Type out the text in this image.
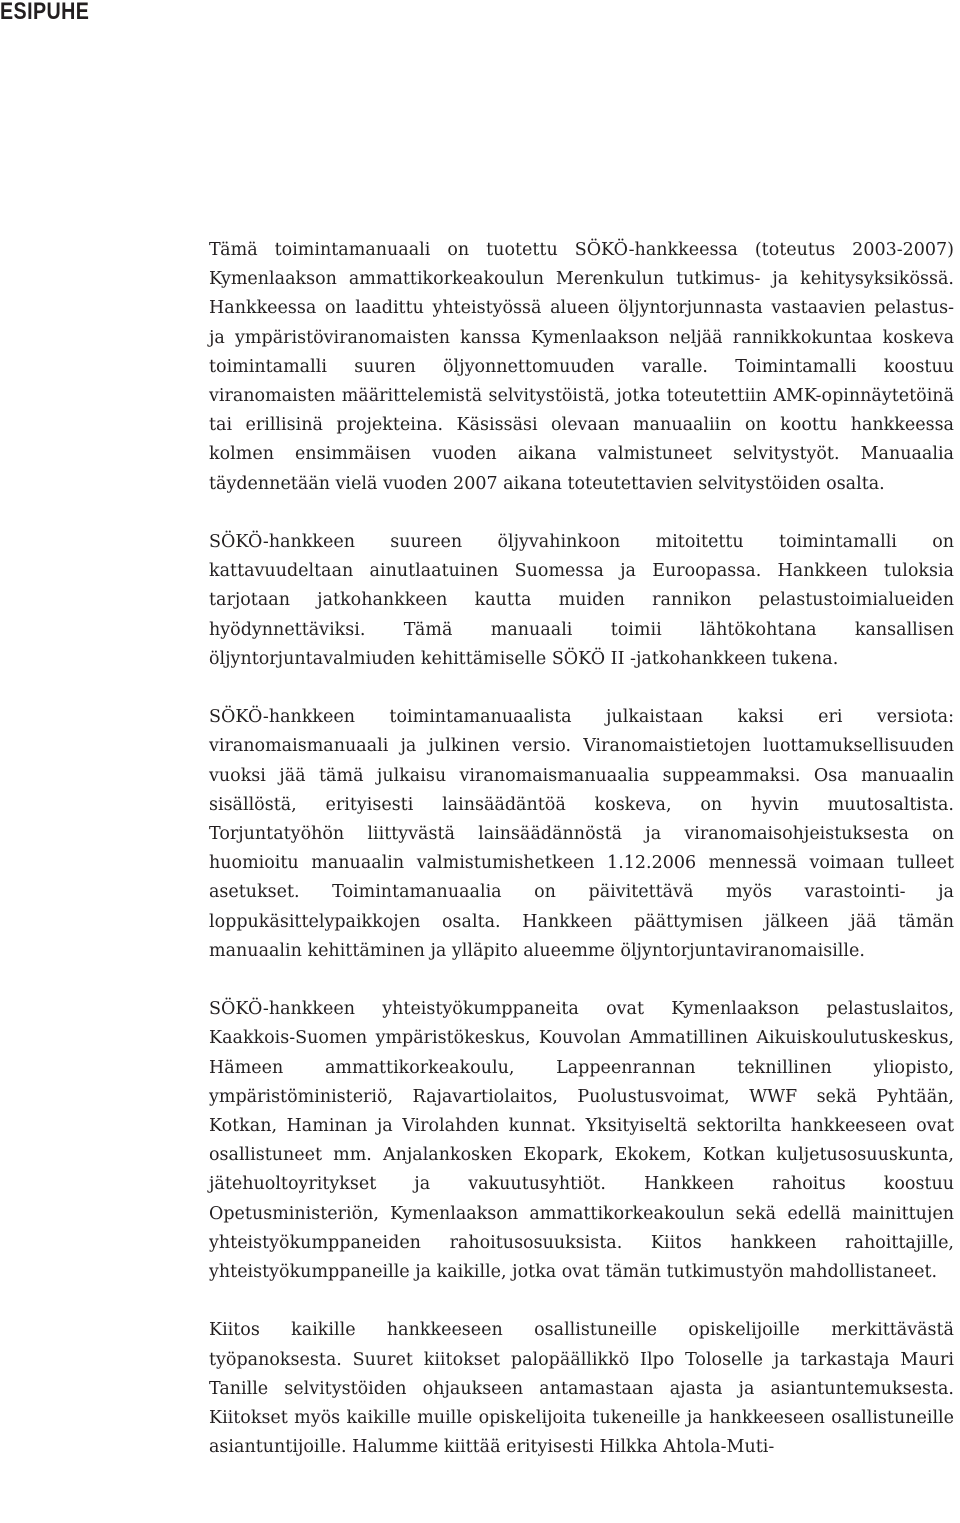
ESIPUHE

Tämä toimintamanuaali on tuotettu SÖKÖ-hankkeessa (toteutus 2003-2007) Kymenlaakson ammattikorkeakoulun Merenkulun tutkimus- ja kehitysyksikössä. Hankkeessa on laadittu yhteistyössä alueen öljyntorjunnasta vastaavien pelastus- ja ympäristöviranomaisten kanssa Kymenlaakson neljää rannikkokuntaa koskeva toimintamalli suuren öljyonnettomuuden varalle. Toimintamalli koostuu viranomaisten määrittelemistä selvitystöistä, jotka toteutettiin AMK-opinnäytetöinä tai erillisinä projekteina. Käsissäsi olevaan manuaaliin on koottu hankkeessa kolmen ensimmäisen vuoden aikana valmistuneet selvitystyöt. Manuaalia täydennetään vielä vuoden 2007 aikana toteutettavien selvitystöiden osalta.

SÖKÖ-hankkeen suureen öljyvahinkoon mitoitettu toimintamalli on kattavuudeltaan ainutlaatuinen Suomessa ja Euroopassa. Hankkeen tuloksia tarjotaan jatkohankkeen kautta muiden rannikon pelastustoimialueiden hyödynnettäviksi. Tämä manuaali toimii lähtökohtana kansallisen öljyntorjuntavalmiuden kehittämiselle SÖKÖ II -jatkohankkeen tukena.

SÖKÖ-hankkeen toimintamanuaalista julkaistaan kaksi eri versiota: viranomaismanuaali ja julkinen versio. Viranomaistietojen luottamuksellisuuden vuoksi jää tämä julkaisu viranomaismanuaalia suppeammaksi. Osa manuaalin sisällöstä, erityisesti lainsäädäntöä koskeva, on hyvin muutosaltista. Torjuntatyöhön liittyvästä lainsäädännöstä ja viranomaisohjeistuksesta on huomioitu manuaalin valmistumishetkeen 1.12.2006 mennessä voimaan tulleet asetukset. Toimintamanuaalia on päivitettävä myös varastointi- ja loppukäsittelypaikkojen osalta. Hankkeen päättymisen jälkeen jää tämän manuaalin kehittäminen ja ylläpito alueemme öljyntorjuntaviranomaisille.

SÖKÖ-hankkeen yhteistyökumppaneita ovat Kymenlaakson pelastuslaitos, Kaakkois-Suomen ympäristökeskus, Kouvolan Ammatillinen Aikuiskoulutuskeskus, Hämeen ammattikorkeakoulu, Lappeenrannan teknillinen yliopisto, ympäristöministeriö, Rajavartiolaitos, Puolustusvoimat, WWF sekä Pyhtään, Kotkan, Haminan ja Virolahden kunnat. Yksityiseltä sektorilta hankkeeseen ovat osallistuneet mm. Anjalankosken Ekopark, Ekokem, Kotkan kuljetusosuuskunta, jätehuoltoyritykset ja vakuutusyhtiöt. Hankkeen rahoitus koostuu Opetusministeriön, Kymenlaakson ammattikorkeakoulun sekä edellä mainittujen yhteistyökumppaneiden rahoitusosuuksista. Kiitos hankkeen rahoittajille, yhteistyökumppaneille ja kaikille, jotka ovat tämän tutkimustyön mahdollistaneet.

Kiitos kaikille hankkeeseen osallistuneille opiskelijoille merkittävästä työpanoksesta. Suuret kiitokset palopäällikkö Ilpo Toloselle ja tarkastaja Mauri Tanille selvitystöiden ohjaukseen antamastaan ajasta ja asiantuntemuksesta. Kiitokset myös kaikille muille opiskelijoita tukeneille ja hankkeeseen osallistuneille asiantuntijoille. Halumme kiittää erityisesti Hilkka Ahtola-Muti-
